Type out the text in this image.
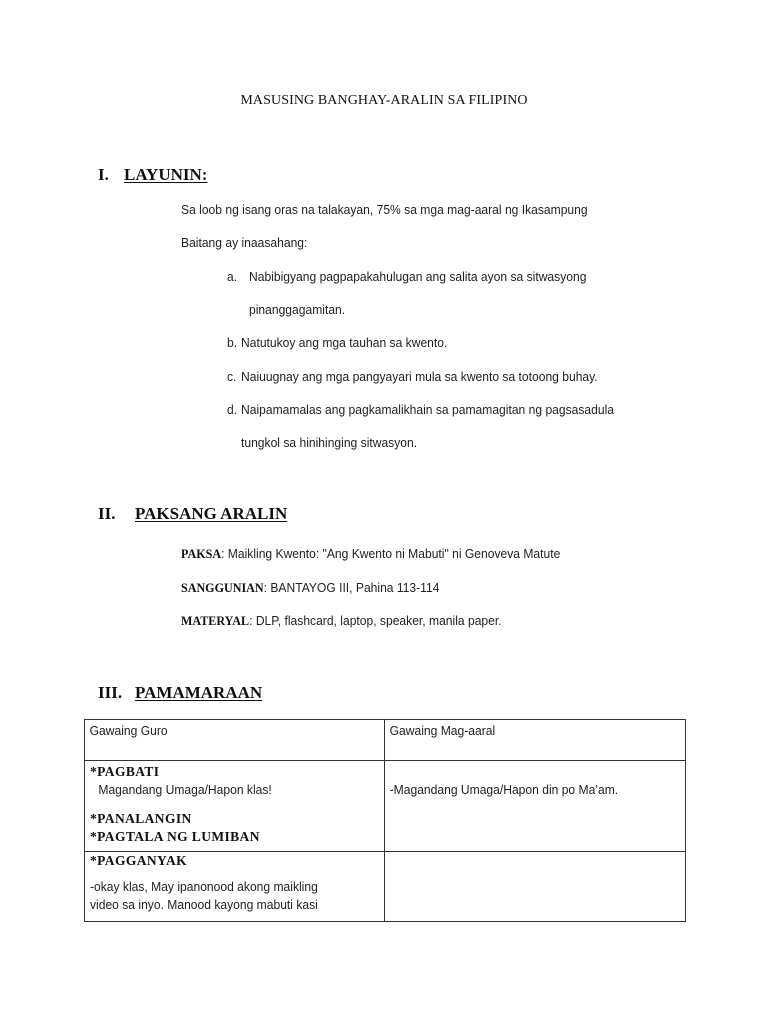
MASUSING BANGHAY-ARALIN SA FILIPINO
I. LAYUNIN:
Sa loob ng isang oras na talakayan, 75% sa mga mag-aaral ng Ikasampung
Baitang ay inaasahang:
a. Nabibigyang pagpapakahulugan ang salita ayon sa sitwasyong
pinanggagamitan.
b. Natutukoy ang mga tauhan sa kwento.
c. Naiuugnay ang mga pangyayari mula sa kwento sa totoong buhay.
d. Naipamamalas ang pagkamalikhain sa pamamagitan ng pagsasadula
tungkol sa hinihinging sitwasyon.
II. PAKSANG ARALIN
PAKSA: Maikling Kwento: "Ang Kwento ni Mabuti" ni Genoveva Matute
SANGGUNIAN: BANTAYOG III, Pahina 113-114
MATERYAL: DLP, flashcard, laptop, speaker, manila paper.
III. PAMAMARAAN
Gawaing Guro	Gawaing Mag-aaral

*PAGBATI
Magandang Umaga/Hapon klas!
*PANALANGIN
*PAGTALA NG LUMIBAN	-Magandang Umaga/Hapon din po Ma’am.

*PAGGANYAK
-okay klas, May ipanonood akong maikling
video sa inyo. Manood kayong mabuti kasi	
